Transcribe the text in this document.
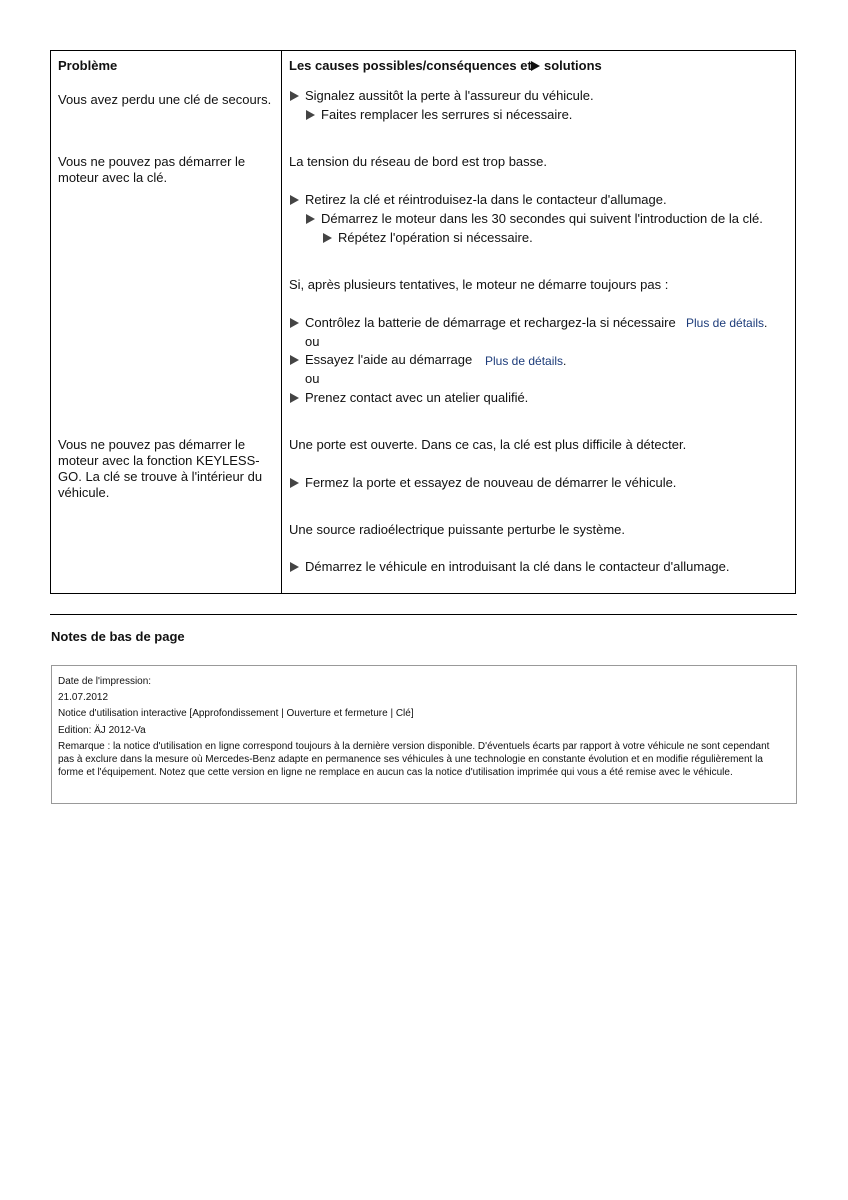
Problème	Les causes possibles/conséquences et solutions
Vous avez perdu une clé de secours.	Signalez aussitôt la perte à l'assureur du véhicule.
Faites remplacer les serrures si nécessaire.
Vous ne pouvez pas démarrer le moteur avec la clé.
La tension du réseau de bord est trop basse.
Retirez la clé et réintroduisez-la dans le contacteur d'allumage.
Démarrez le moteur dans les 30 secondes qui suivent l'introduction de la clé.
Répétez l'opération si nécessaire.
Si, après plusieurs tentatives, le moteur ne démarre toujours pas :
Contrôlez la batterie de démarrage et rechargez-la si nécessaire Plus de détails.
ou
Essayez l'aide au démarrage Plus de détails.
ou
Prenez contact avec un atelier qualifié.
Vous ne pouvez pas démarrer le moteur avec la fonction KEYLESS-GO. La clé se trouve à l'intérieur du véhicule.
Une porte est ouverte. Dans ce cas, la clé est plus difficile à détecter.
Fermez la porte et essayez de nouveau de démarrer le véhicule.
Une source radioélectrique puissante perturbe le système.
Démarrez le véhicule en introduisant la clé dans le contacteur d'allumage.
Notes de bas de page
Date de l'impression:
21.07.2012
Notice d'utilisation interactive [Approfondissement | Ouverture et fermeture | Clé]
Edition: ÄJ 2012-Va
Remarque : la notice d'utilisation en ligne correspond toujours à la dernière version disponible. D'éventuels écarts par rapport à votre véhicule ne sont cependant pas à exclure dans la mesure où Mercedes-Benz adapte en permanence ses véhicules à une technologie en constante évolution et en modifie régulièrement la forme et l'équipement. Notez que cette version en ligne ne remplace en aucun cas la notice d'utilisation imprimée qui vous a été remise avec le véhicule.
